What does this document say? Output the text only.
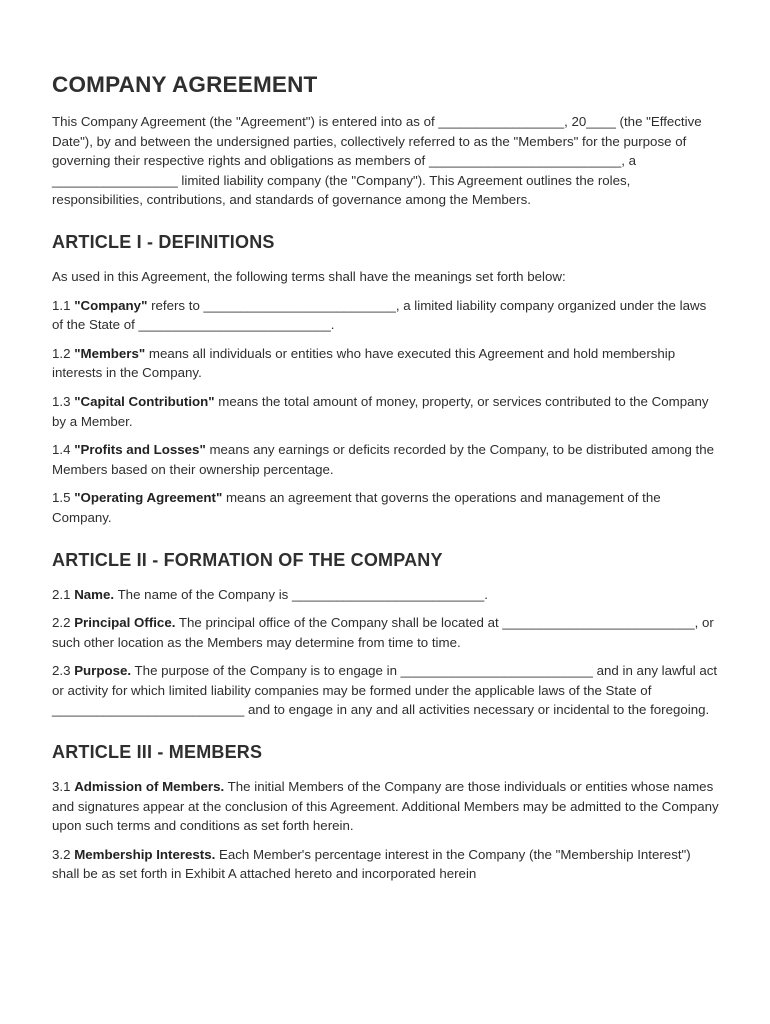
COMPANY AGREEMENT

This Company Agreement (the "Agreement") is entered into as of _________________, 20____ (the "Effective Date"), by and between the undersigned parties, collectively referred to as the "Members" for the purpose of governing their respective rights and obligations as members of __________________________, a _________________ limited liability company (the "Company"). This Agreement outlines the roles, responsibilities, contributions, and standards of governance among the Members.

ARTICLE I - DEFINITIONS

As used in this Agreement, the following terms shall have the meanings set forth below:

1.1 "Company" refers to __________________________, a limited liability company organized under the laws of the State of __________________________.

1.2 "Members" means all individuals or entities who have executed this Agreement and hold membership interests in the Company.

1.3 "Capital Contribution" means the total amount of money, property, or services contributed to the Company by a Member.

1.4 "Profits and Losses" means any earnings or deficits recorded by the Company, to be distributed among the Members based on their ownership percentage.

1.5 "Operating Agreement" means an agreement that governs the operations and management of the Company.

ARTICLE II - FORMATION OF THE COMPANY

2.1 Name. The name of the Company is __________________________.

2.2 Principal Office. The principal office of the Company shall be located at __________________________, or such other location as the Members may determine from time to time.

2.3 Purpose. The purpose of the Company is to engage in __________________________ and in any lawful act or activity for which limited liability companies may be formed under the applicable laws of the State of __________________________ and to engage in any and all activities necessary or incidental to the foregoing.

ARTICLE III - MEMBERS

3.1 Admission of Members. The initial Members of the Company are those individuals or entities whose names and signatures appear at the conclusion of this Agreement. Additional Members may be admitted to the Company upon such terms and conditions as set forth herein.

3.2 Membership Interests. Each Member's percentage interest in the Company (the "Membership Interest") shall be as set forth in Exhibit A attached hereto and incorporated herein
